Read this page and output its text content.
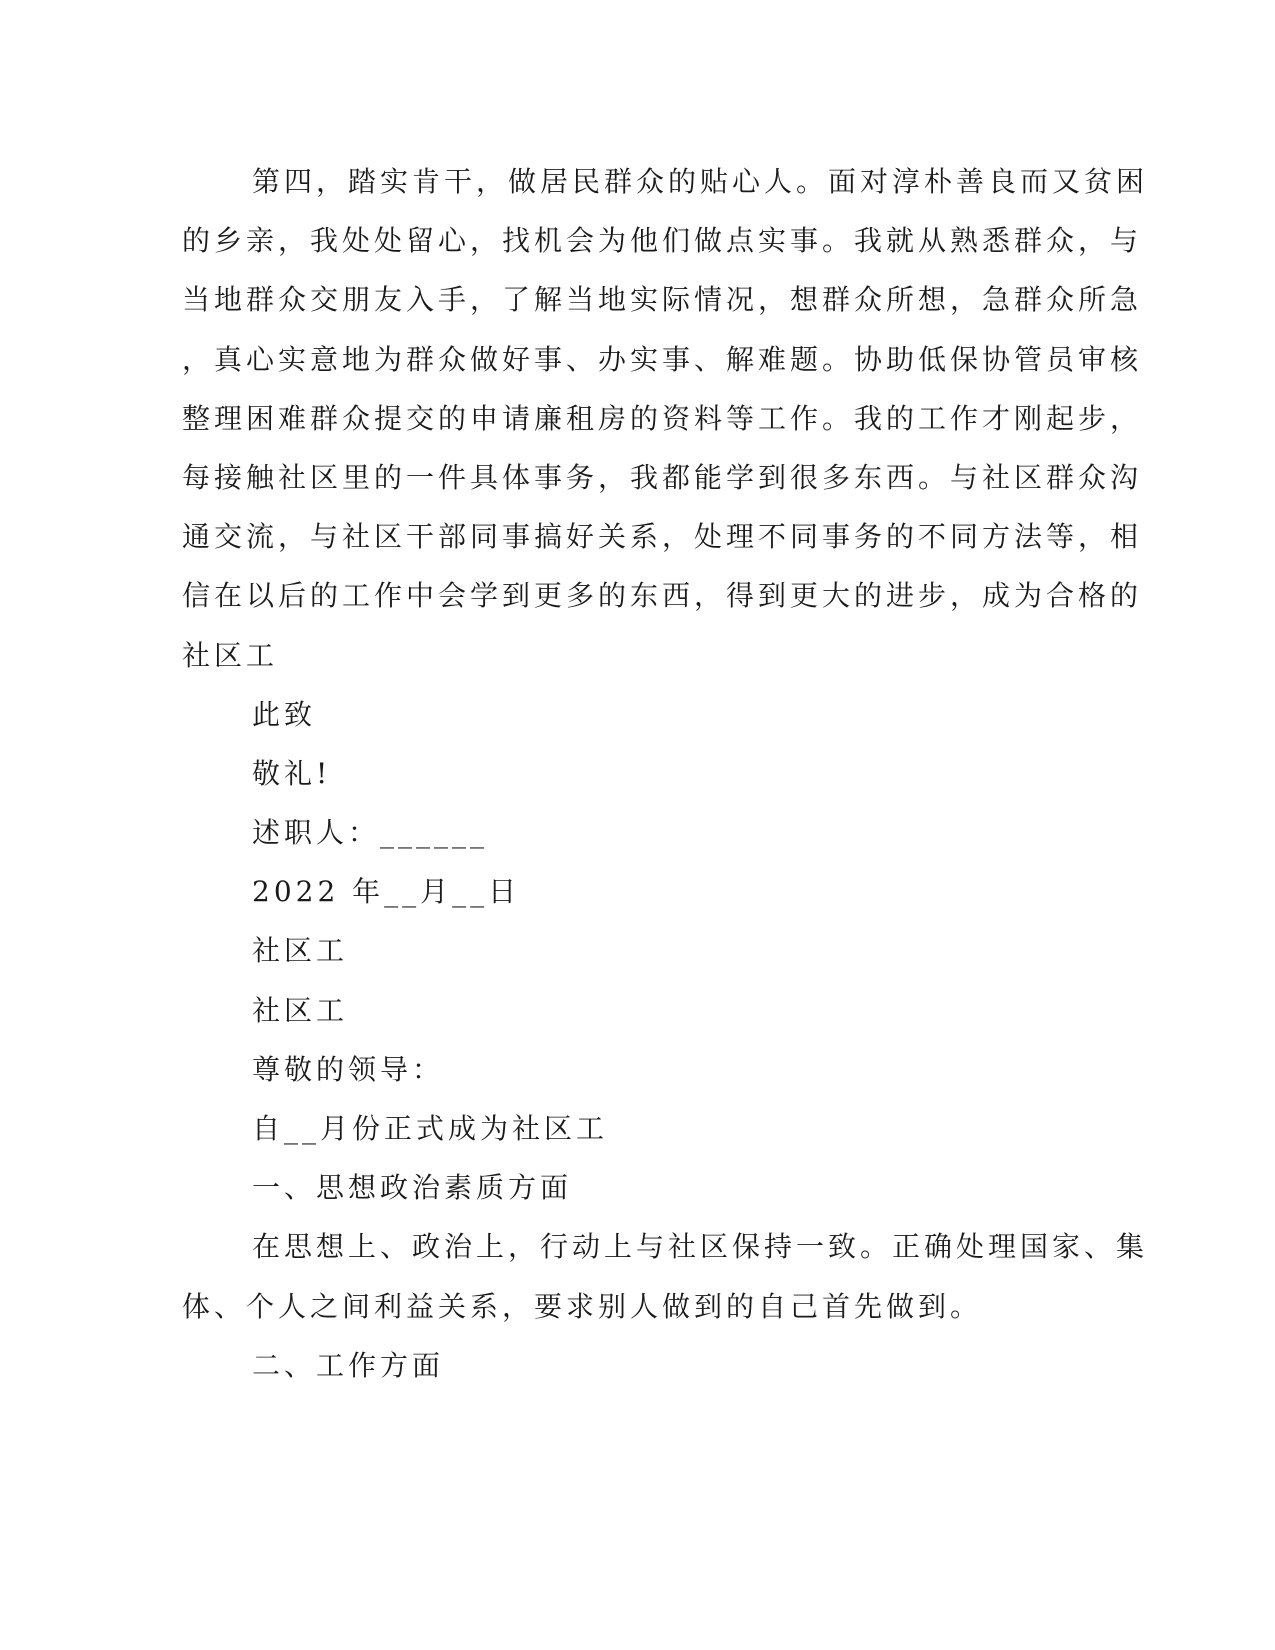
第四，踏实肯干，做居民群众的贴心人。面对淳朴善良而又贫困
的乡亲，我处处留心，找机会为他们做点实事。我就从熟悉群众，与
当地群众交朋友入手，了解当地实际情况，想群众所想，急群众所急
，真心实意地为群众做好事、办实事、解难题。协助低保协管员审核
整理困难群众提交的申请廉租房的资料等工作。我的工作才刚起步，
每接触社区里的一件具体事务，我都能学到很多东西。与社区群众沟
通交流，与社区干部同事搞好关系，处理不同事务的不同方法等，相
信在以后的工作中会学到更多的东西，得到更大的进步，成为合格的
社区工
此致
敬礼!
述职人：______
2022 年__月__日
社区工
社区工
尊敬的领导：
自__月份正式成为社区工
一、思想政治素质方面
在思想上、政治上，行动上与社区保持一致。正确处理国家、集
体、个人之间利益关系，要求别人做到的自己首先做到。
二、工作方面
